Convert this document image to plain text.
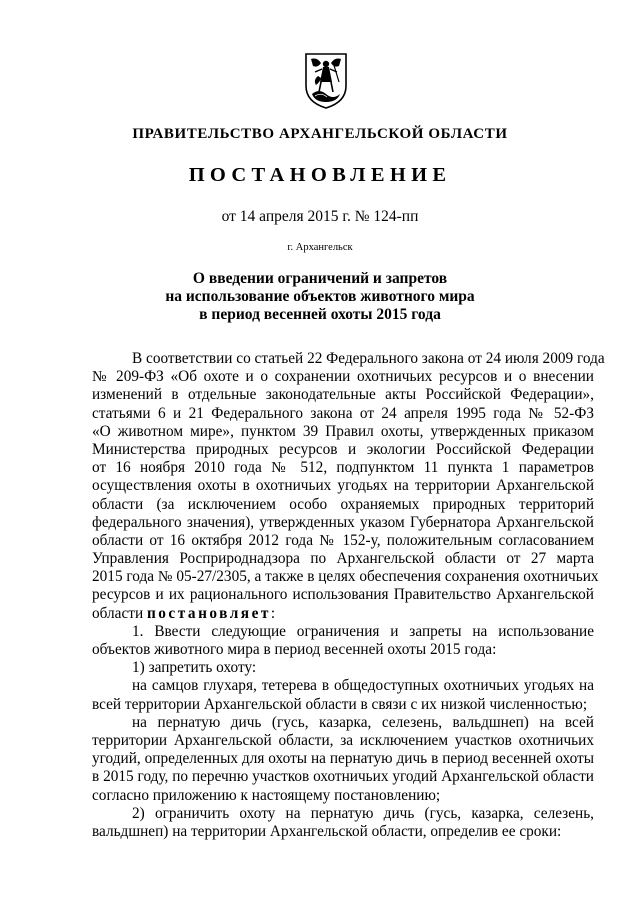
ПРАВИТЕЛЬСТВО АРХАНГЕЛЬСКОЙ ОБЛАСТИ
ПОСТАНОВЛЕНИЕ
от 14 апреля 2015 г. № 124-пп
г. Архангельск
О введении ограничений и запретов
на использование объектов животного мира
в период весенней охоты 2015 года
В соответствии со статьей 22 Федерального закона от 24 июля 2009 года
№ 209-ФЗ «Об охоте и о сохранении охотничьих ресурсов и о внесении
изменений в отдельные законодательные акты Российской Федерации»,
статьями 6 и 21 Федерального закона от 24 апреля 1995 года № 52-ФЗ
«О животном мире», пунктом 39 Правил охоты, утвержденных приказом
Министерства природных ресурсов и экологии Российской Федерации
от 16 ноября 2010 года № 512, подпунктом 11 пункта 1 параметров
осуществления охоты в охотничьих угодьях на территории Архангельской
области (за исключением особо охраняемых природных территорий
федерального значения), утвержденных указом Губернатора Архангельской
области от 16 октября 2012 года № 152-у, положительным согласованием
Управления Росприроднадзора по Архангельской области от 27 марта
2015 года № 05-27/2305, а также в целях обеспечения сохранения охотничьих
ресурсов и их рационального использования Правительство Архангельской
области постановляет:
1. Ввести следующие ограничения и запреты на использование
объектов животного мира в период весенней охоты 2015 года:
1) запретить охоту:
на самцов глухаря, тетерева в общедоступных охотничьих угодьях на
всей территории Архангельской области в связи с их низкой численностью;
на пернатую дичь (гусь, казарка, селезень, вальдшнеп) на всей
территории Архангельской области, за исключением участков охотничьих
угодий, определенных для охоты на пернатую дичь в период весенней охоты
в 2015 году, по перечню участков охотничьих угодий Архангельской области
согласно приложению к настоящему постановлению;
2) ограничить охоту на пернатую дичь (гусь, казарка, селезень,
вальдшнеп) на территории Архангельской области, определив ее сроки:
